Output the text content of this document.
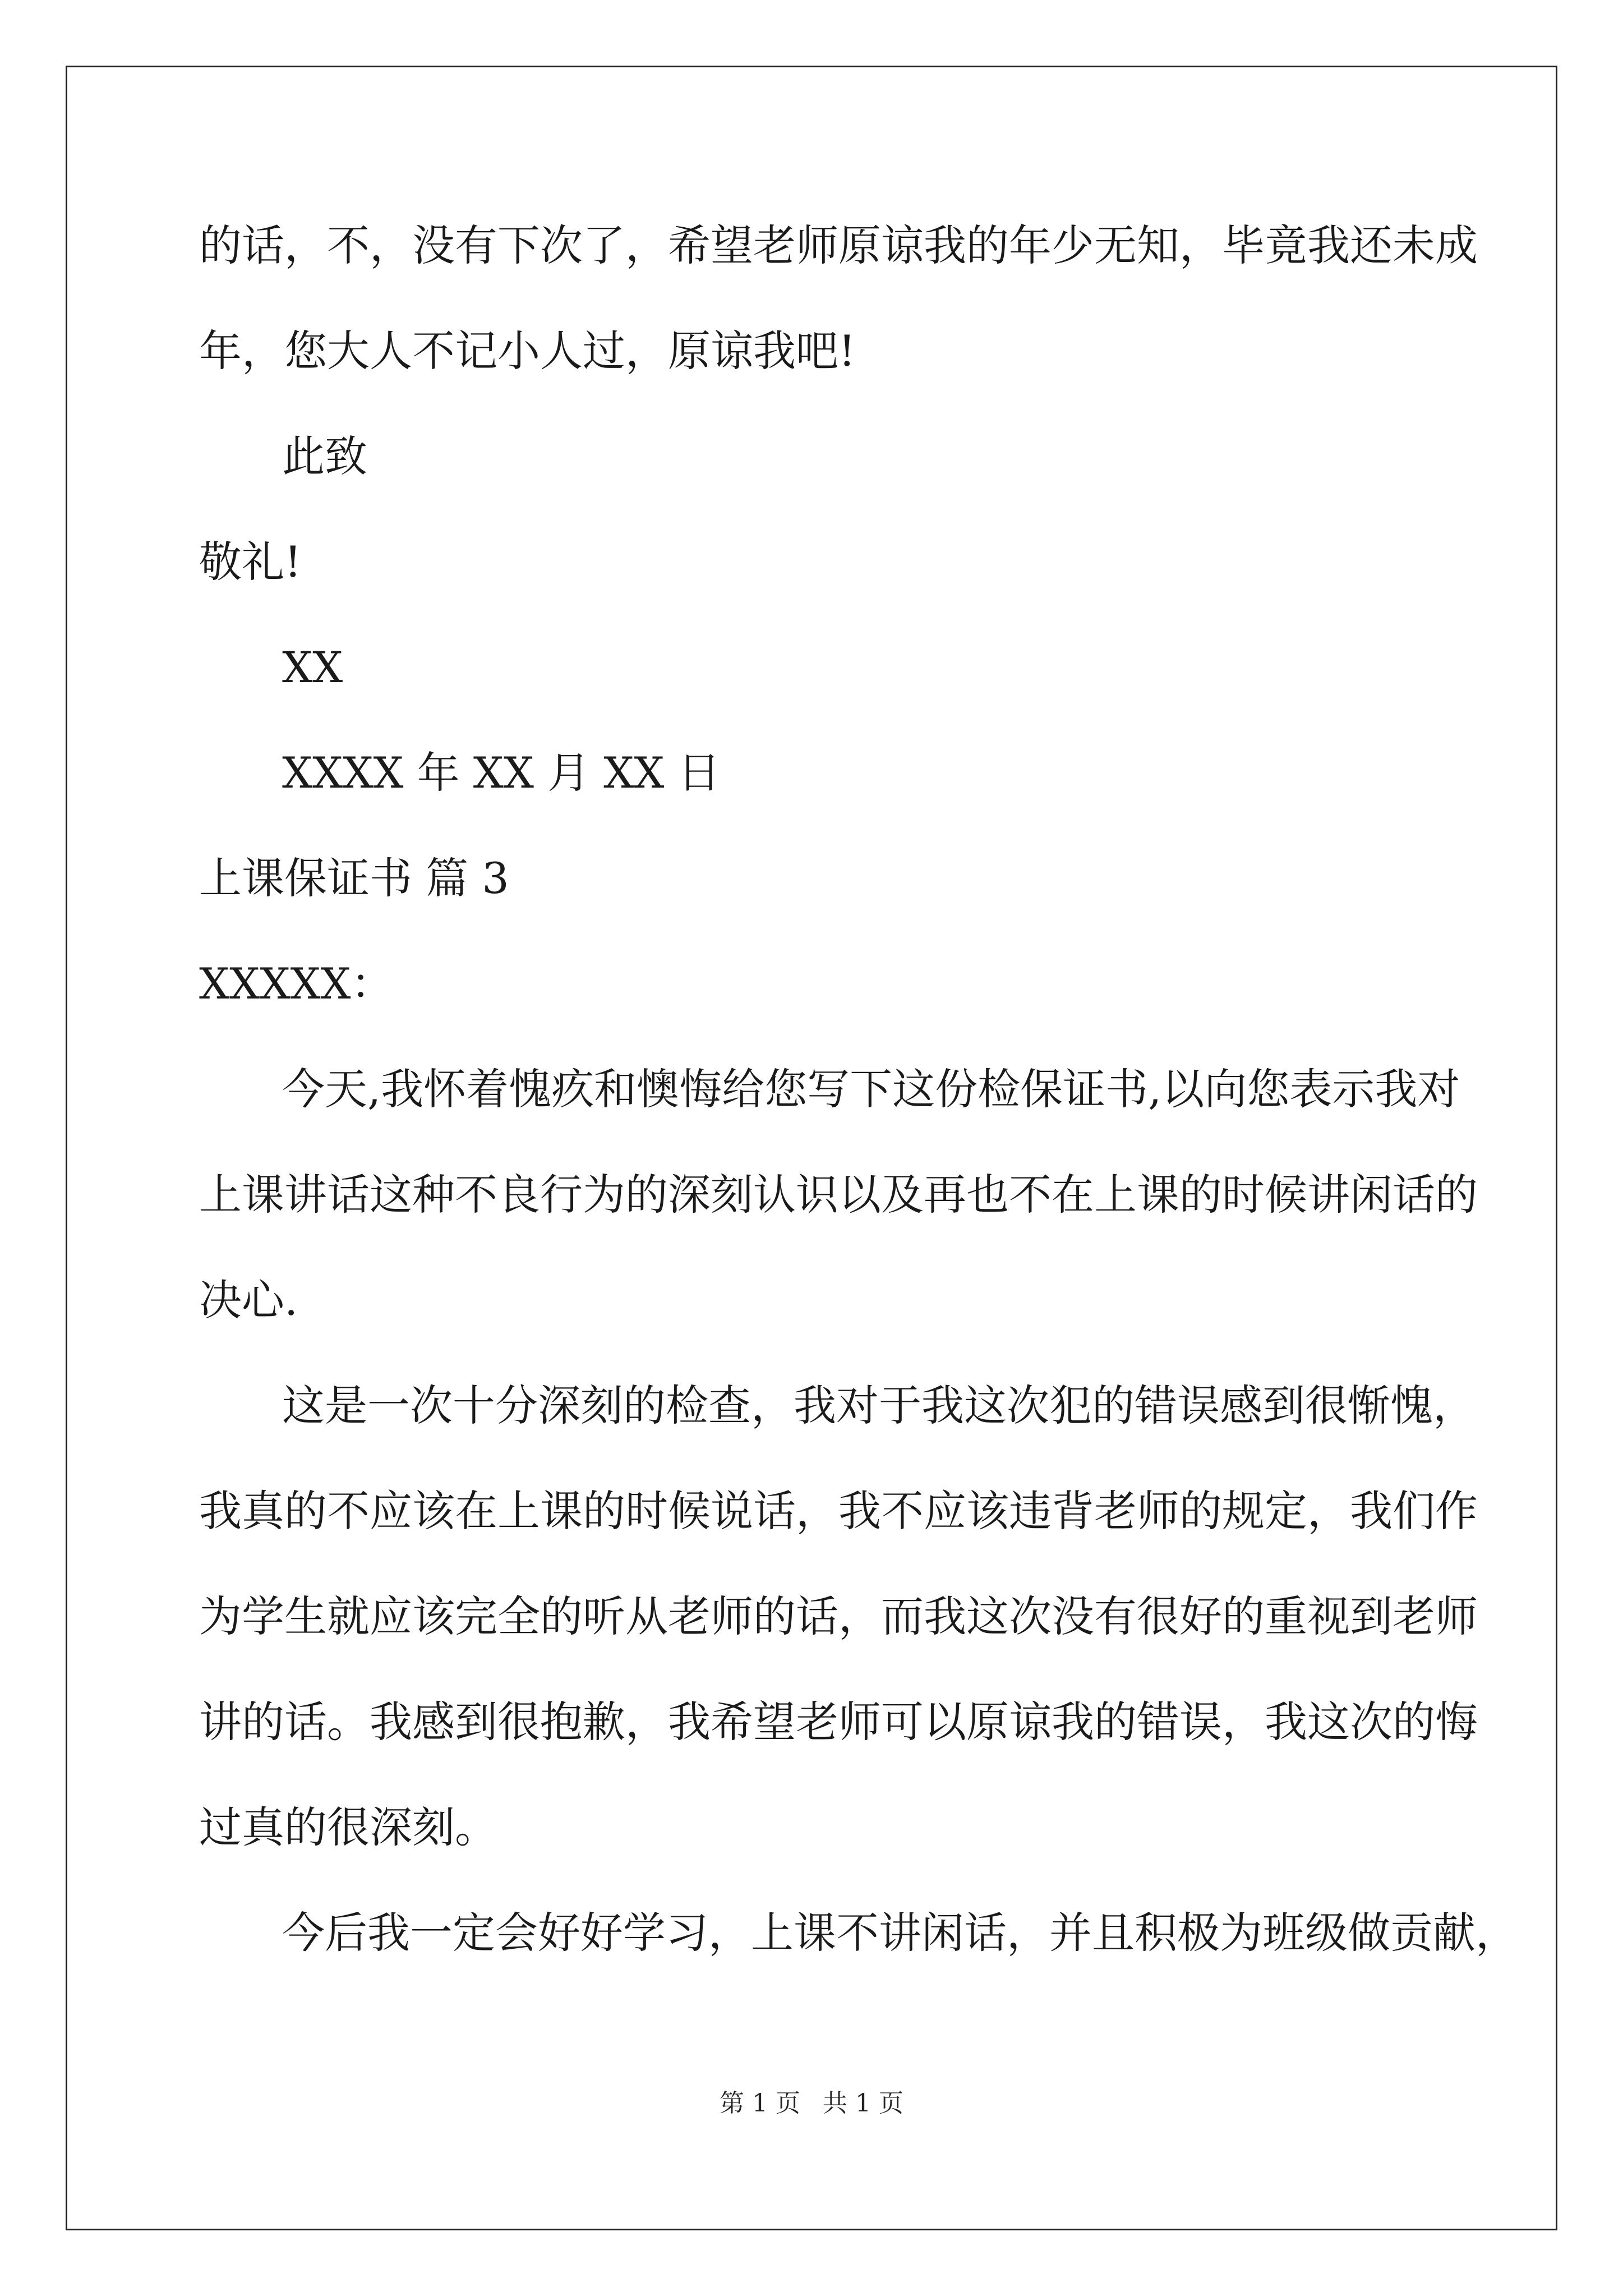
的话，不，没有下次了，希望老师原谅我的年少无知，毕竟我还未成
年，您大人不记小人过，原谅我吧!
此致
敬礼!
XX
XXXX 年 XX 月 XX 日
上课保证书 篇 3
XXXXX：
今天,我怀着愧疚和懊悔给您写下这份检保证书,以向您表示我对
上课讲话这种不良行为的深刻认识以及再也不在上课的时候讲闲话的
决心.
这是一次十分深刻的检查，我对于我这次犯的错误感到很惭愧，
我真的不应该在上课的时候说话，我不应该违背老师的规定，我们作
为学生就应该完全的听从老师的话，而我这次没有很好的重视到老师
讲的话。我感到很抱歉，我希望老师可以原谅我的错误，我这次的悔
过真的很深刻。
今后我一定会好好学习，上课不讲闲话，并且积极为班级做贡献，
第 1 页 共 1 页
